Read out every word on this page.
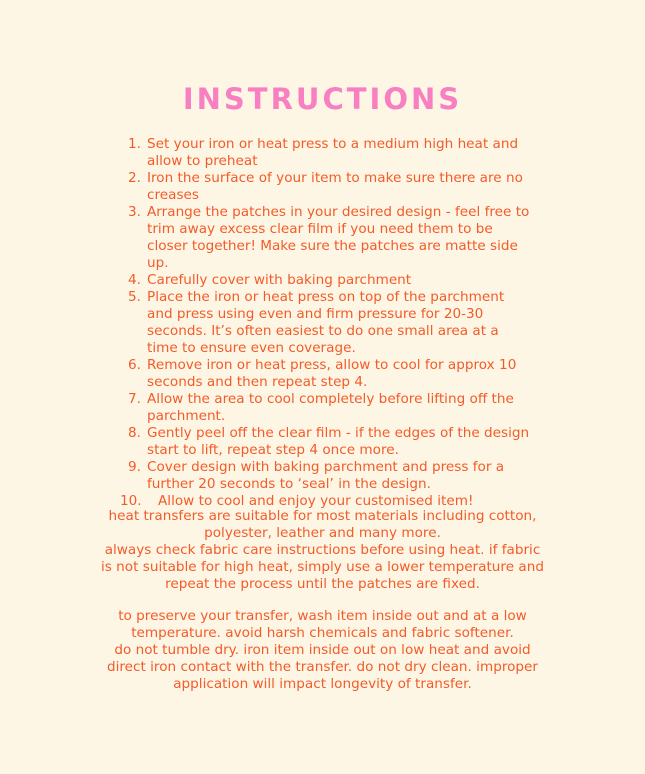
INSTRUCTIONS
1. Set your iron or heat press to a medium high heat and allow to preheat
2. Iron the surface of your item to make sure there are no creases
3. Arrange the patches in your desired design - feel free to trim away excess clear film if you need them to be closer together! Make sure the patches are matte side up.
4. Carefully cover with baking parchment
5. Place the iron or heat press on top of the parchment and press using even and firm pressure for 20-30 seconds. It’s often easiest to do one small area at a time to ensure even coverage.
6. Remove iron or heat press, allow to cool for approx 10 seconds and then repeat step 4.
7. Allow the area to cool completely before lifting off the parchment.
8. Gently peel off the clear film - if the edges of the design start to lift, repeat step 4 once more.
9. Cover design with baking parchment and press for a further 20 seconds to ‘seal’ in the design.
10.	Allow to cool and enjoy your customised item!

heat transfers are suitable for most materials including cotton, polyester, leather and many more.

always check fabric care instructions before using heat. if fabric is not suitable for high heat, simply use a lower temperature and repeat the process until the patches are fixed.

to preserve your transfer, wash item inside out and at a low temperature. avoid harsh chemicals and fabric softener.

do not tumble dry. iron item inside out on low heat and avoid direct iron contact with the transfer. do not dry clean. improper application will impact longevity of transfer.
